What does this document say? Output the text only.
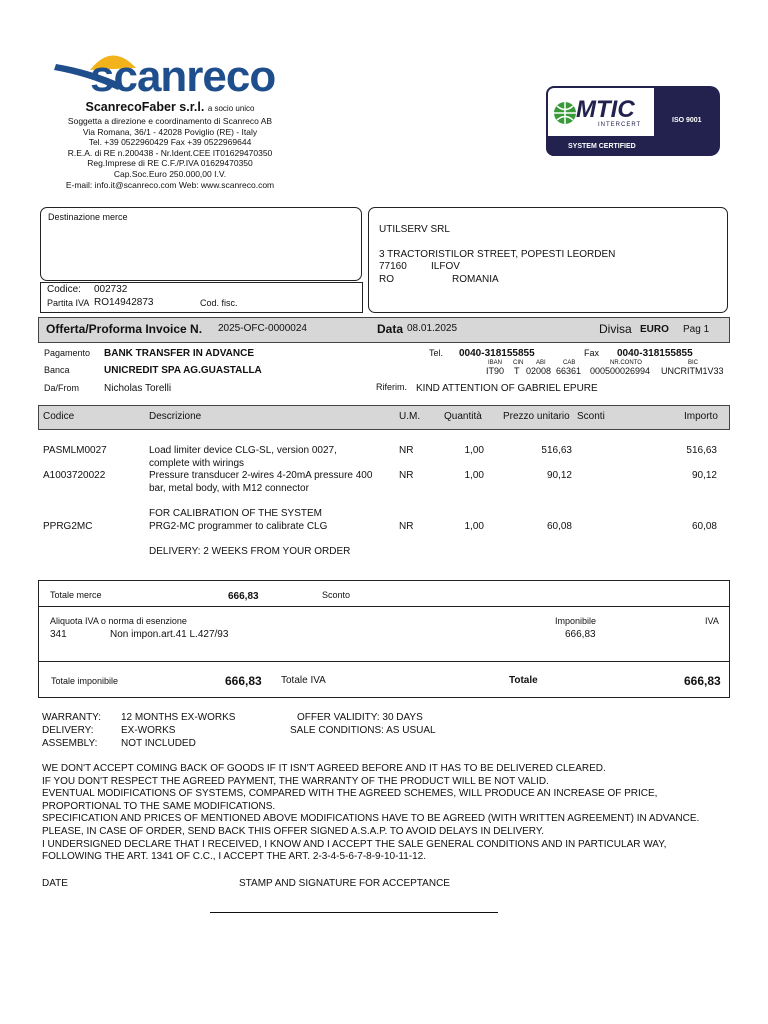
scanreco
ScanrecoFaber s.r.l. a socio unico
Soggetta a direzione e coordinamento di Scanreco AB
Via Romana, 36/1 - 42028 Poviglio (RE) - Italy
Tel. +39 0522960429 Fax +39 0522969644
R.E.A. di RE n.200438 - Nr.Ident.CEE IT01629470350
Reg.Imprese di RE C.F./P.IVA 01629470350
Cap.Soc.Euro 250.000,00 I.V.
E-mail: info.it@scanreco.com Web: www.scanreco.com
MTIC
INTERCERT
SYSTEM CERTIFIED
ISO 9001
Destinazione merce
Codice: 002732
Partita IVA RO14942873	Cod. fisc.
UTILSERV SRL
3 TRACTORISTILOR STREET, POPESTI LEORDEN
77160 ILFOV
RO	ROMANIA
Offerta/Proforma Invoice N. 2025-OFC-0000024	Data 08.01.2025	Divisa EURO Pag 1
Pagamento BANK TRANSFER IN ADVANCE	Tel. 0040-318155855	Fax 0040-318155855
Banca	UNICREDIT SPA AG.GUASTALLA
IBAN CIN ABI	CAB	NR.CONTO	BIC
IT90 T 02008 66361 000500026994 UNCRITM1V33
Da/From Nicholas Torelli	Riferim. KIND ATTENTION OF GABRIEL EPURE
Codice	Descrizione	U.M. Quantità Prezzo unitario Sconti	Importo
PASMLM0027	Load limiter device CLG-SL, version 0027,
complete with wirings
NR	1,00	516,63	516,63
A1003720022	Pressure transducer 2-wires 4-20mA pressure 400
bar, metal body, with M12 connector
NR	1,00	90,12	90,12
FOR CALIBRATION OF THE SYSTEM
PPRG2MC	PRG2-MC programmer to calibrate CLG	NR	1,00	60,08	60,08
DELIVERY: 2 WEEKS FROM YOUR ORDER
Totale merce	666,83	Sconto
Aliquota IVA o norma di esenzione	Imponibile	IVA
341	Non impon.art.41 L.427/93	666,83
Totale imponibile	666,83 Totale IVA	Totale	666,83
WARRANTY: 12 MONTHS EX-WORKS	OFFER VALIDITY: 30 DAYS
DELIVERY:	EX-WORKS	SALE CONDITIONS: AS USUAL
ASSEMBLY: NOT INCLUDED
WE DON'T ACCEPT COMING BACK OF GOODS IF IT ISN'T AGREED BEFORE AND IT HAS TO BE DELIVERED CLEARED.
IF YOU DON'T RESPECT THE AGREED PAYMENT, THE WARRANTY OF THE PRODUCT WILL BE NOT VALID.
EVENTUAL MODIFICATIONS OF SYSTEMS, COMPARED WITH THE AGREED SCHEMES, WILL PRODUCE AN INCREASE OF PRICE,
PROPORTIONAL TO THE SAME MODIFICATIONS.
SPECIFICATION AND PRICES OF MENTIONED ABOVE MODIFICATIONS HAVE TO BE AGREED (WITH WRITTEN AGREEMENT) IN ADVANCE.
PLEASE, IN CASE OF ORDER, SEND BACK THIS OFFER SIGNED A.S.A.P. TO AVOID DELAYS IN DELIVERY.
I UNDERSIGNED DECLARE THAT I RECEIVED, I KNOW AND I ACCEPT THE SALE GENERAL CONDITIONS AND IN PARTICULAR WAY,
FOLLOWING THE ART. 1341 OF C.C., I ACCEPT THE ART. 2-3-4-5-6-7-8-9-10-11-12.
DATE	STAMP AND SIGNATURE FOR ACCEPTANCE
